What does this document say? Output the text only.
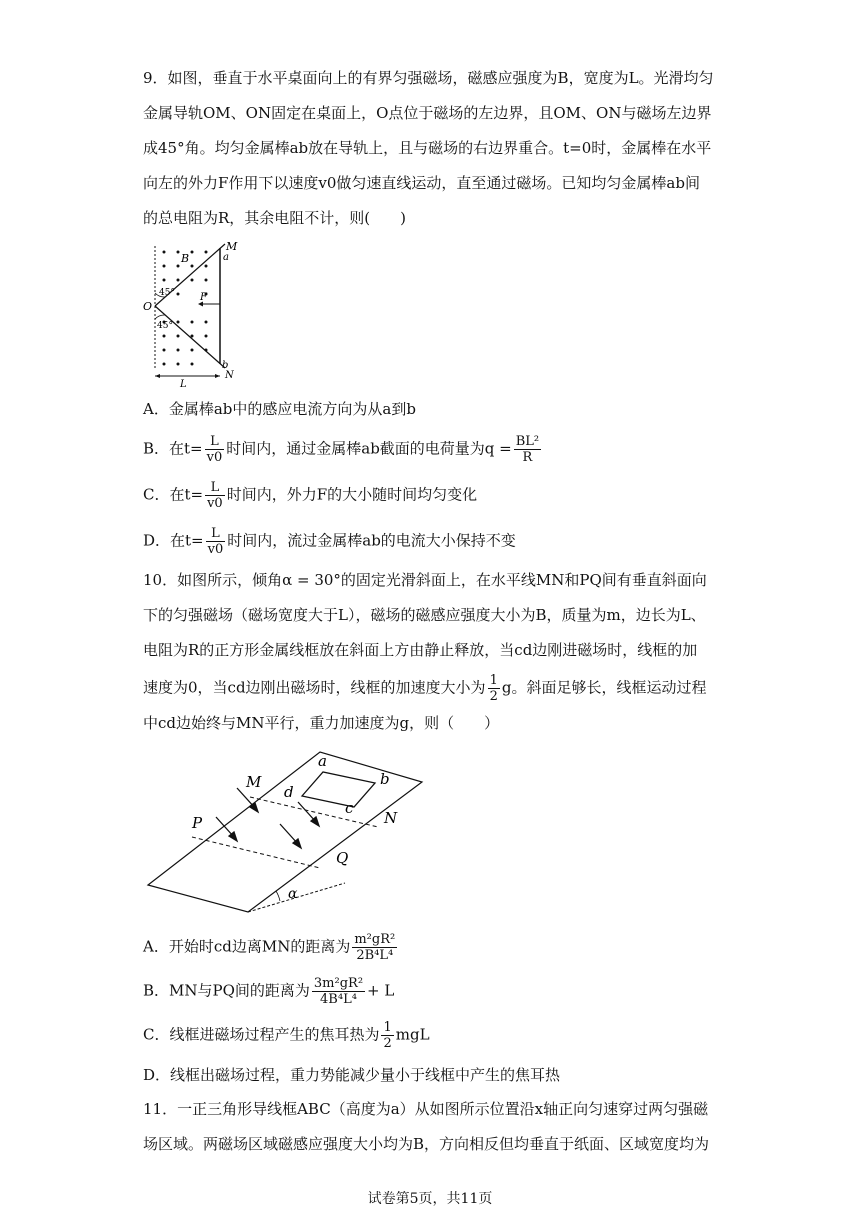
9．如图，垂直于水平桌面向上的有界匀强磁场，磁感应强度为B，宽度为L。光滑均匀
金属导轨OM、ON固定在桌面上，O点位于磁场的左边界，且OM、ON与磁场左边界
成45°角。均匀金属棒ab放在导轨上，且与磁场的右边界重合。t=0时，金属棒在水平
向左的外力F作用下以速度v0做匀速直线运动，直至通过磁场。已知均匀金属棒ab间
的总电阻为R，其余电阻不计，则(　　)
M
a
B
O
F
45°
45°
b
N
L
A．金属棒ab中的感应电流方向为从a到b
B．在$t= \frac{L}{v0}$ 时间内，通过金属棒ab截面的电荷量为$q = \frac{\text{BL²}}{R}$
C．在$t= \frac{L}{v0}$ 时间内，外力F的大小随时间均匀变化
D．在$t= \frac{L}{v0}$ 时间内，流过金属棒ab的电流大小保持不变
10．如图所示，倾角α = 30°的固定光滑斜面上，在水平线MN和PQ间有垂直斜面向
下的匀强磁场（磁场宽度大于L），磁场的磁感应强度大小为B，质量为m，边长为L、
电阻为R的正方形金属线框放在斜面上方由静止释放，当cd边刚进磁场时，线框的加
速度为0，当cd边刚出磁场时，线框的加速度大小为 $\frac{1}{2}$ g。斜面足够长，线框运动过程
中cd边始终与MN平行，重力加速度为g，则（　　）
a
b
M
d
c
N
P
Q
α
A．开始时cd边离MN的距离为 $\frac{\text{m²gR²}}{\text{2B⁴L⁴}}$
B．MN与PQ间的距离为 $\frac{\text{3m²gR²}}{\text{4B⁴L⁴}} + L$
C．线框进磁场过程产生的焦耳热为 $\frac{1}{2}$ mgL
D．线框出磁场过程，重力势能减少量小于线框中产生的焦耳热
11．一正三角形导线框ABC（高度为a）从如图所示位置沿x轴正向匀速穿过两匀强磁
场区域。两磁场区域磁感应强度大小均为B，方向相反但均垂直于纸面、区域宽度均为
试卷第5页，共11页
